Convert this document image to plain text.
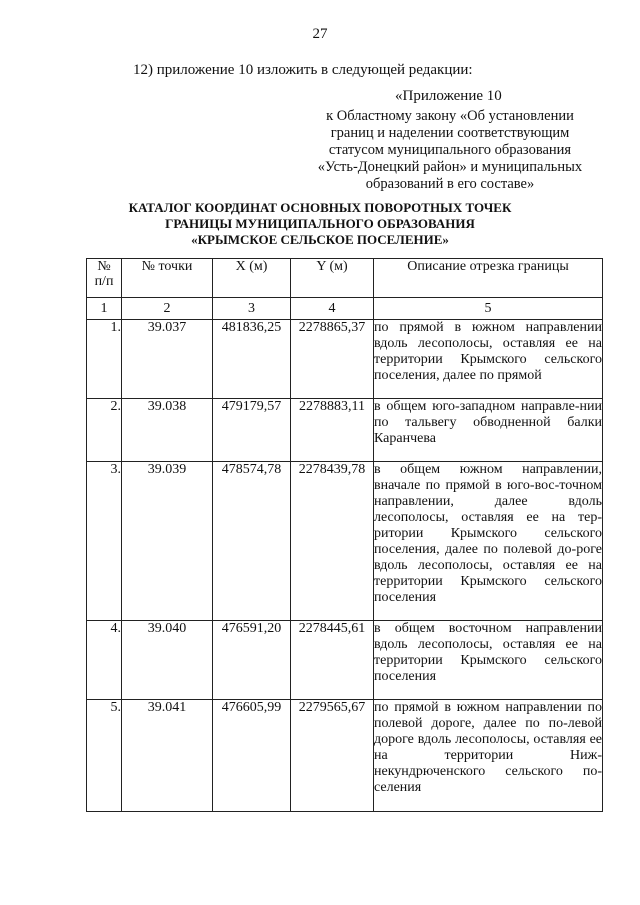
27
12) приложение 10 изложить в следующей редакции:
«Приложение 10
к Областному закону «Об установлении
границ и наделении соответствующим
статусом муниципального образования
«Усть-Донецкий район» и муниципальных
образований в его составе»
КАТАЛОГ КООРДИНАТ ОСНОВНЫХ ПОВОРОТНЫХ ТОЧЕК
ГРАНИЦЫ МУНИЦИПАЛЬНОГО ОБРАЗОВАНИЯ
«КРЫМСКОЕ СЕЛЬСКОЕ ПОСЕЛЕНИЕ»
№
п/п	№ точки	X (м)	Y (м)	Описание отрезка границы
1	2	3	4	5
1.	39.037	481836,25	2278865,37	по прямой в южном направлении вдоль лесополосы, оставляя ее на территории Крымского сельского поселения, далее по прямой
2.	39.038	479179,57	2278883,11	в общем юго-западном направле-нии по тальвегу обводненной балки Каранчева
3.	39.039	478574,78	2278439,78	в общем южном направлении, вначале по прямой в юго-вос-точном направлении, далее вдоль лесополосы, оставляя ее на тер-ритории Крымского сельского поселения, далее по полевой до-роге вдоль лесополосы, оставляя ее на территории Крымского сельского поселения
4.	39.040	476591,20	2278445,61	в общем восточном направлении вдоль лесополосы, оставляя ее на территории Крымского сельского поселения
5.	39.041	476605,99	2279565,67	по прямой в южном направлении по полевой дороге, далее по по-левой дороге вдоль лесополосы, оставляя ее на территории Ниж-некундрюченского сельского по-селения
